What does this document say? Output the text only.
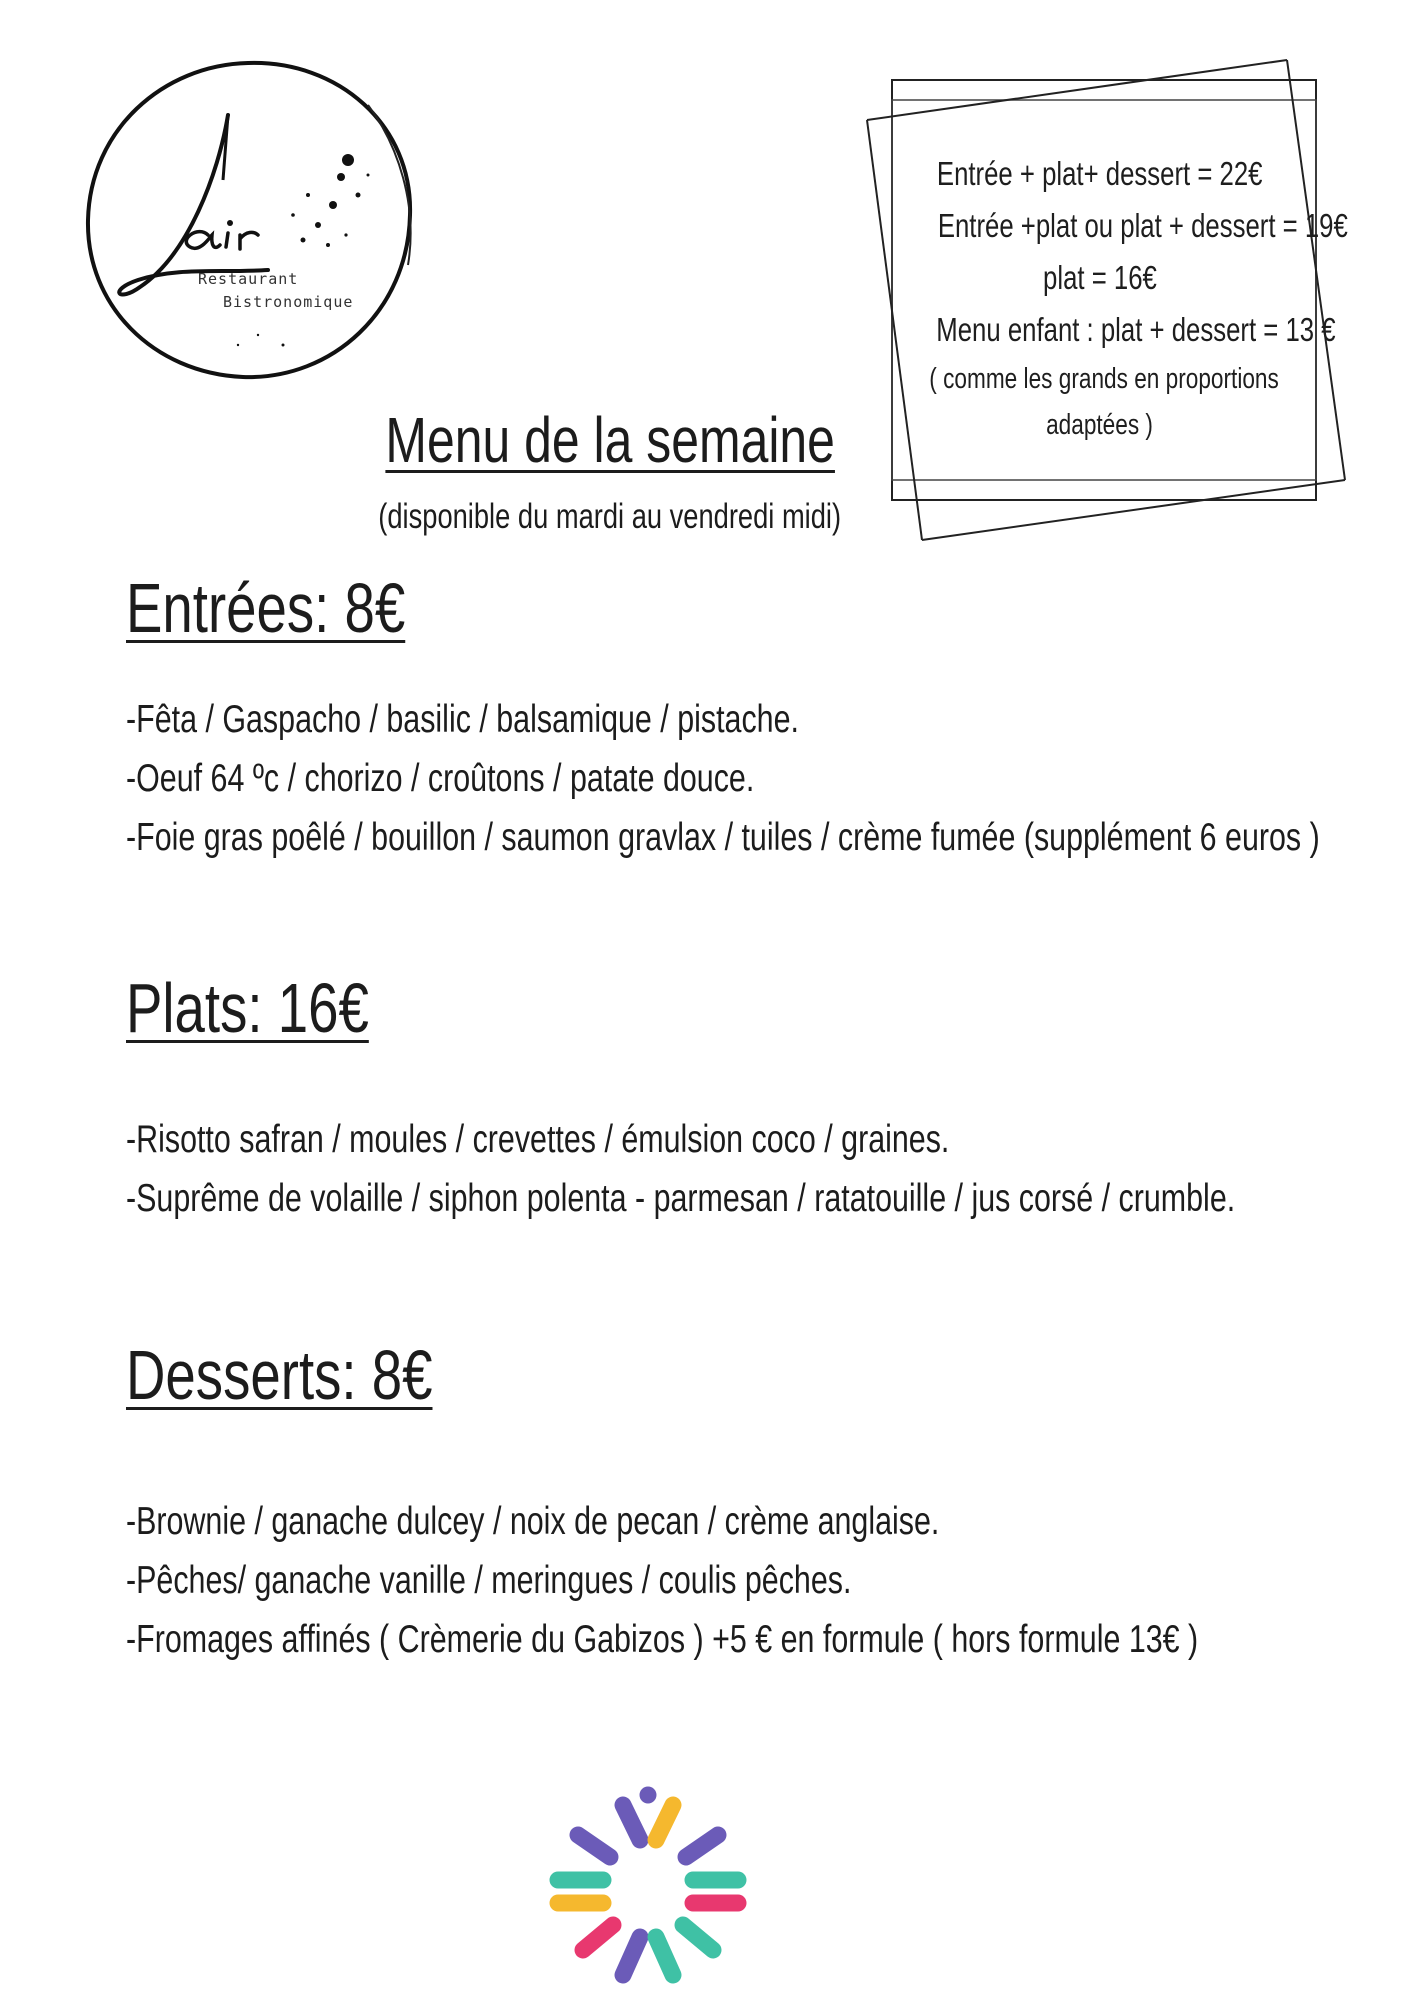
Restaurant
Bistronomique
Entrée + plat+ dessert = 22€
Entrée +plat ou plat + dessert = 19€
plat = 16€
Menu enfant : plat + dessert = 13 €
( comme les grands en proportions
adaptées )
Menu de la semaine
(disponible du mardi au vendredi midi)
Entrées: 8€
-Fêta / Gaspacho / basilic / balsamique / pistache.
-Oeuf 64 ºc / chorizo / croûtons / patate douce.
-Foie gras poêlé / bouillon / saumon gravlax / tuiles / crème fumée (supplément 6 euros )
Plats: 16€
-Risotto safran / moules / crevettes / émulsion coco / graines.
-Suprême de volaille / siphon polenta - parmesan / ratatouille / jus corsé / crumble.
Desserts: 8€
-Brownie / ganache dulcey / noix de pecan / crème anglaise.
-Pêches/ ganache vanille / meringues / coulis pêches.
-Fromages affinés ( Crèmerie du Gabizos ) +5 € en formule ( hors formule 13€ )
